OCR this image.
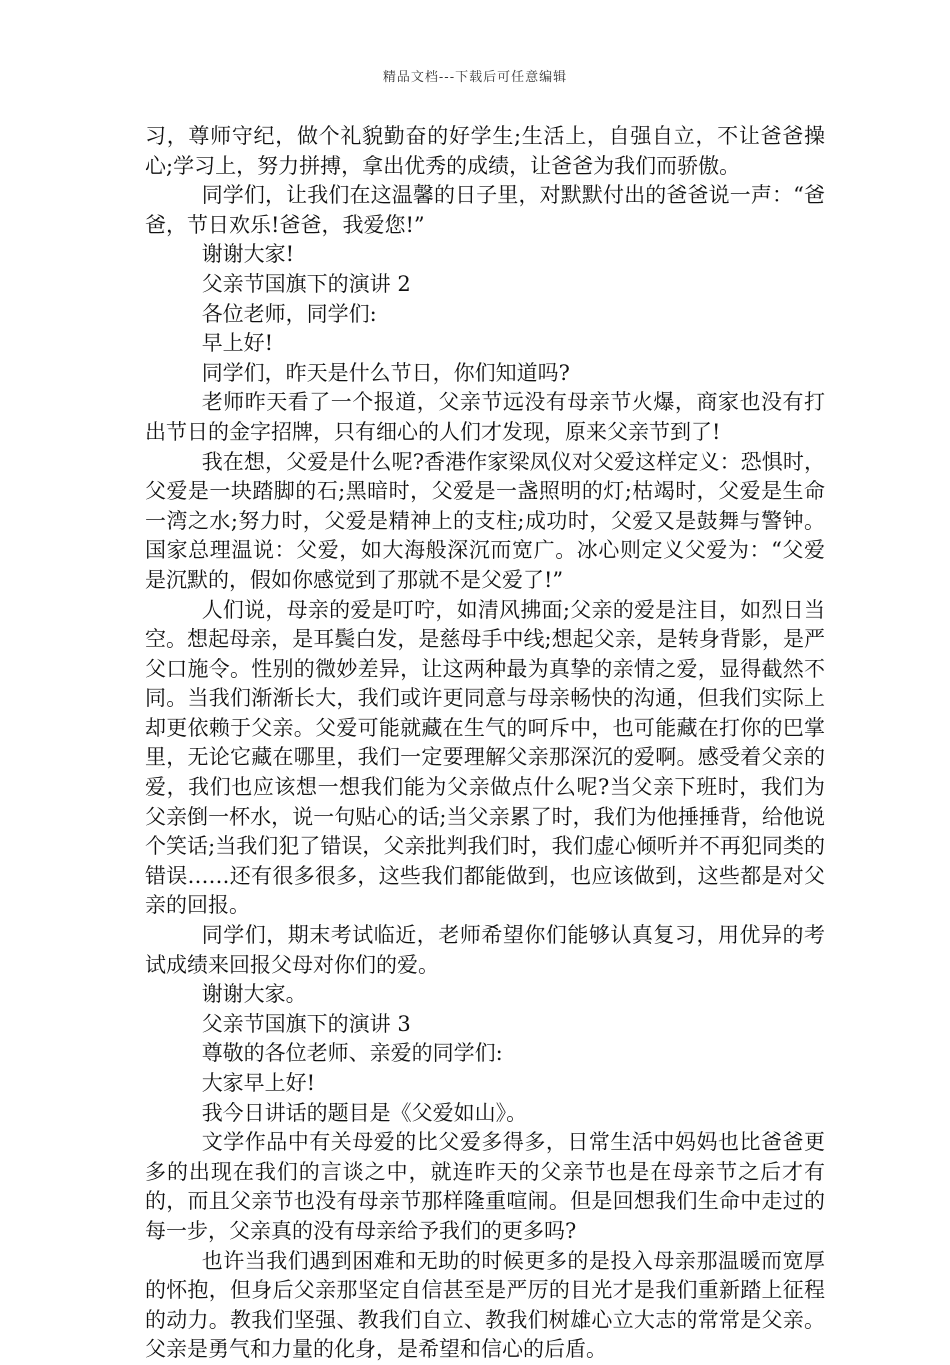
精品文档---下载后可任意编辑

习，尊师守纪，做个礼貌勤奋的好学生;生活上，自强自立，不让爸爸操心;学习上，努力拼搏，拿出优秀的成绩，让爸爸为我们而骄傲。

同学们，让我们在这温馨的日子里，对默默付出的爸爸说一声：“爸爸，节日欢乐!爸爸，我爱您!”

谢谢大家!

父亲节国旗下的演讲 2

各位老师，同学们:

早上好!

同学们，昨天是什么节日，你们知道吗?

老师昨天看了一个报道，父亲节远没有母亲节火爆，商家也没有打出节日的金字招牌，只有细心的人们才发现，原来父亲节到了!

我在想，父爱是什么呢?香港作家梁凤仪对父爱这样定义：恐惧时，父爱是一块踏脚的石;黑暗时，父爱是一盏照明的灯;枯竭时，父爱是生命一湾之水;努力时，父爱是精神上的支柱;成功时，父爱又是鼓舞与警钟。国家总理温说：父爱，如大海般深沉而宽广。冰心则定义父爱为：“父爱是沉默的，假如你感觉到了那就不是父爱了!”

人们说，母亲的爱是叮咛，如清风拂面;父亲的爱是注目，如烈日当空。想起母亲，是耳鬓白发，是慈母手中线;想起父亲，是转身背影，是严父口施令。性别的微妙差异，让这两种最为真挚的亲情之爱，显得截然不同。当我们渐渐长大，我们或许更同意与母亲畅快的沟通，但我们实际上却更依赖于父亲。父爱可能就藏在生气的呵斥中，也可能藏在打你的巴掌里，无论它藏在哪里，我们一定要理解父亲那深沉的爱啊。感受着父亲的爱，我们也应该想一想我们能为父亲做点什么呢?当父亲下班时，我们为父亲倒一杯水，说一句贴心的话;当父亲累了时，我们为他捶捶背，给他说个笑话;当我们犯了错误，父亲批判我们时，我们虚心倾听并不再犯同类的错误……还有很多很多，这些我们都能做到，也应该做到，这些都是对父亲的回报。

同学们，期末考试临近，老师希望你们能够认真复习，用优异的考试成绩来回报父母对你们的爱。

谢谢大家。

父亲节国旗下的演讲 3

尊敬的各位老师、亲爱的同学们:

大家早上好!

我今日讲话的题目是《父爱如山》。

文学作品中有关母爱的比父爱多得多，日常生活中妈妈也比爸爸更多的出现在我们的言谈之中，就连昨天的父亲节也是在母亲节之后才有的，而且父亲节也没有母亲节那样隆重喧闹。但是回想我们生命中走过的每一步，父亲真的没有母亲给予我们的更多吗?

也许当我们遇到困难和无助的时候更多的是投入母亲那温暖而宽厚的怀抱，但身后父亲那坚定自信甚至是严厉的目光才是我们重新踏上征程的动力。教我们坚强、教我们自立、教我们树雄心立大志的常常是父亲。父亲是勇气和力量的化身，是希望和信心的后盾。
